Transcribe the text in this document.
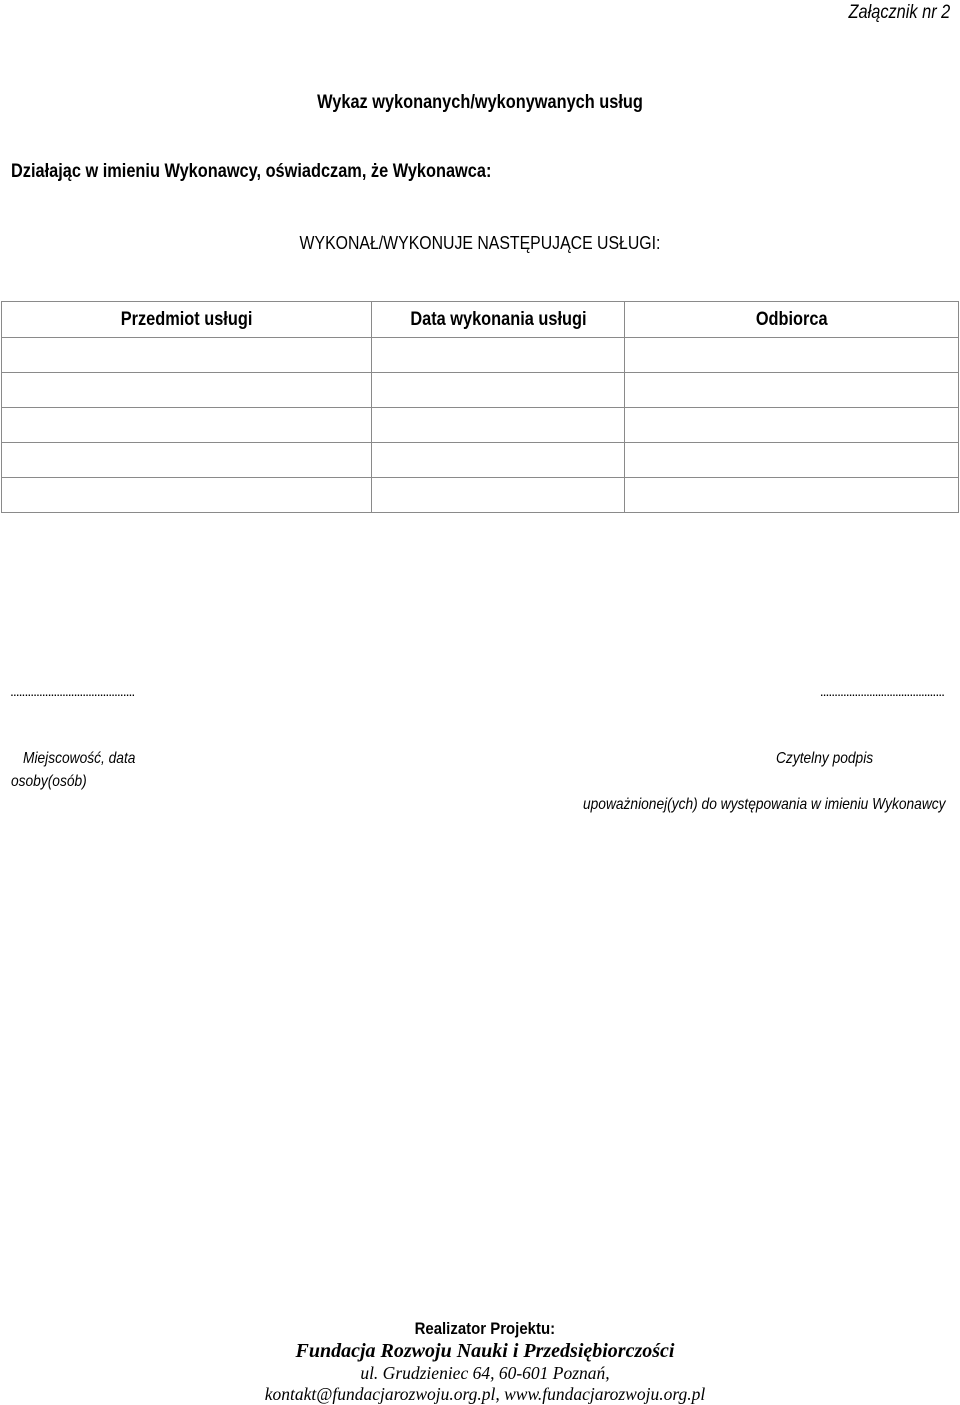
Załącznik nr 2
Wykaz wykonanych/wykonywanych usług
Działając w imieniu Wykonawcy, oświadczam, że Wykonawca:
WYKONAŁ/WYKONUJE NASTĘPUJĄCE USŁUGI:
Przedmiot usługi	Data wykonania usługi	Odbiorca

...........................................	...........................................
Miejscowość, data
osoby(osób)
Czytelny podpis
upoważnionej(ych) do występowania w imieniu Wykonawcy
Realizator Projektu:
Fundacja Rozwoju Nauki i Przedsiębiorczości
ul. Grudzieniec 64, 60-601 Poznań,
kontakt@fundacjarozwoju.org.pl, www.fundacjarozwoju.org.pl
